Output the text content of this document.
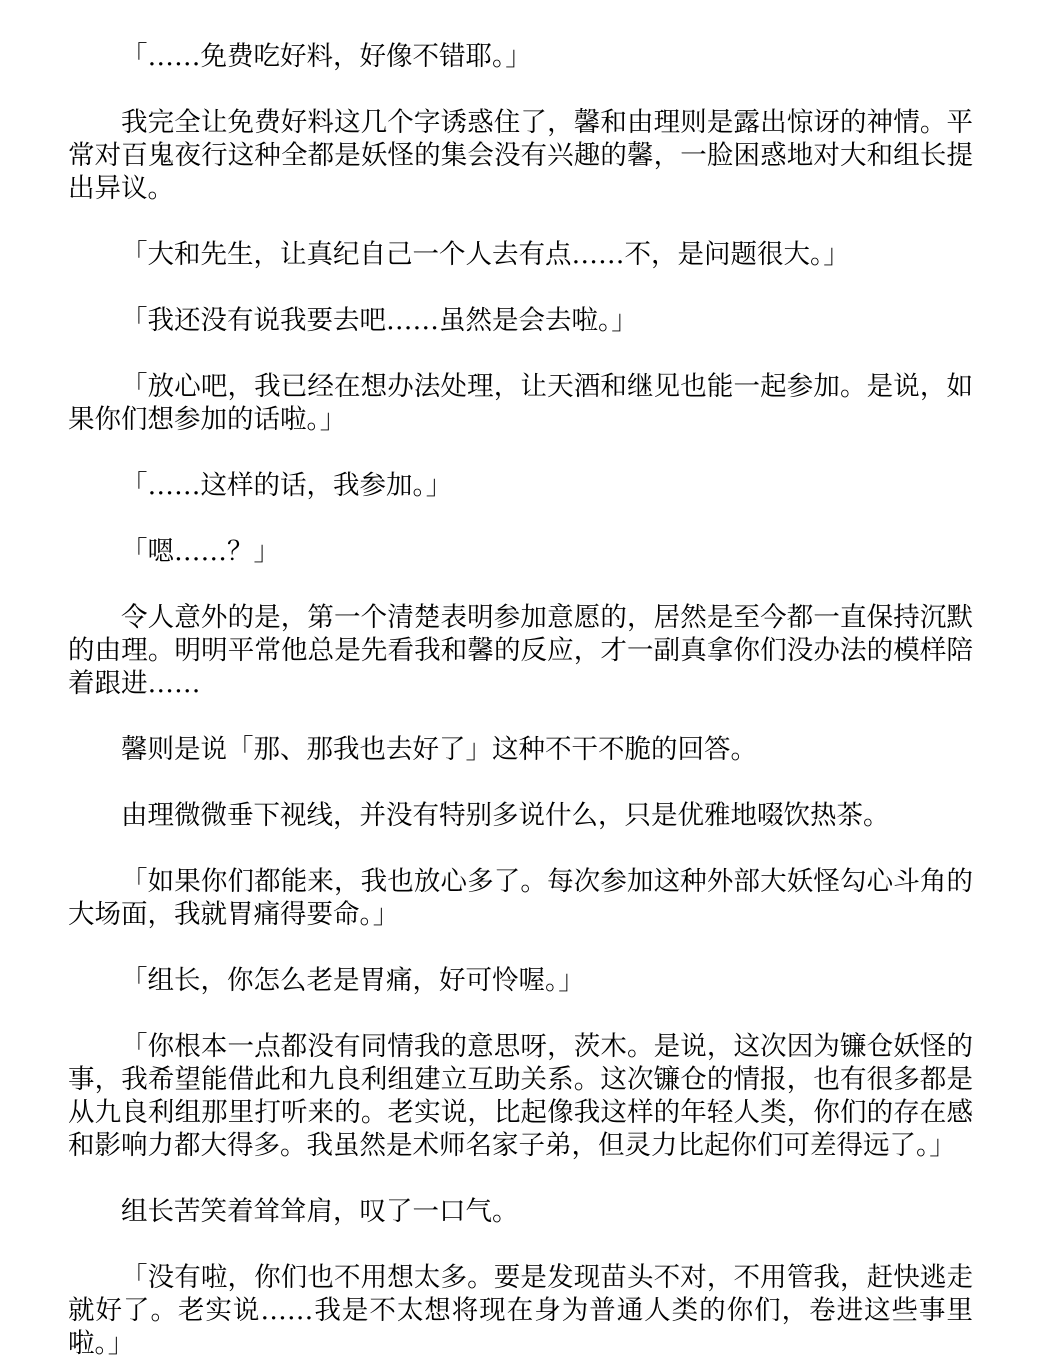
「……免费吃好料，好像不错耶。」

我完全让免费好料这几个字诱惑住了，馨和由理则是露出惊讶的神情。平常对百鬼夜行这种全都是妖怪的集会没有兴趣的馨，一脸困惑地对大和组长提出异议。

「大和先生，让真纪自己一个人去有点……不，是问题很大。」

「我还没有说我要去吧……虽然是会去啦。」

「放心吧，我已经在想办法处理，让天酒和继见也能一起参加。是说，如果你们想参加的话啦。」

「……这样的话，我参加。」

「嗯……？」

令人意外的是，第一个清楚表明参加意愿的，居然是至今都一直保持沉默的由理。明明平常他总是先看我和馨的反应，才一副真拿你们没办法的模样陪着跟进……

馨则是说「那、那我也去好了」这种不干不脆的回答。

由理微微垂下视线，并没有特别多说什么，只是优雅地啜饮热茶。

「如果你们都能来，我也放心多了。每次参加这种外部大妖怪勾心斗角的大场面，我就胃痛得要命。」

「组长，你怎么老是胃痛，好可怜喔。」

「你根本一点都没有同情我的意思呀，茨木。是说，这次因为镰仓妖怪的事，我希望能借此和九良利组建立互助关系。这次镰仓的情报，也有很多都是从九良利组那里打听来的。老实说，比起像我这样的年轻人类，你们的存在感和影响力都大得多。我虽然是术师名家子弟，但灵力比起你们可差得远了。」

组长苦笑着耸耸肩，叹了一口气。

「没有啦，你们也不用想太多。要是发现苗头不对，不用管我，赶快逃走就好了。老实说……我是不太想将现在身为普通人类的你们，卷进这些事里啦。」
